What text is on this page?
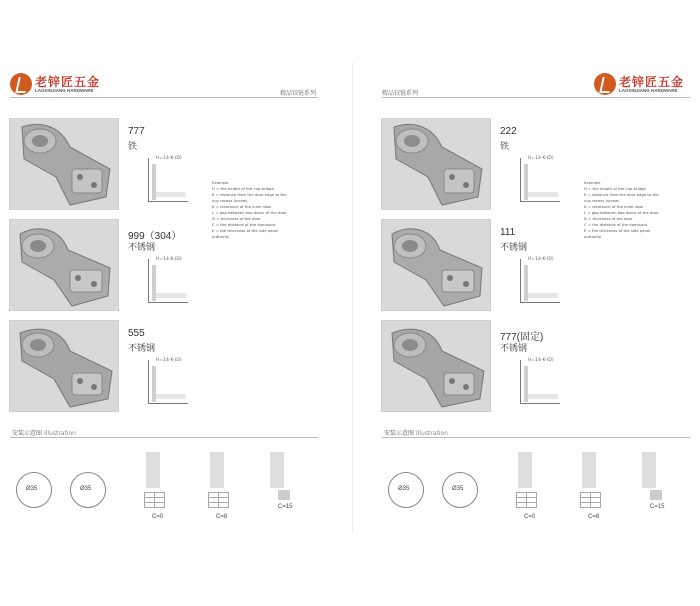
老锌匠五金
LAOXINJIANG HARDWARE	精品铰链系列
777
铁
H=14-K-(D)
999（304）
不锈钢
H=14-K-(D)
555
不锈钢
H=14-K-(D)
Example
Η = the height of the cup bridge
Κ = distance from the door edge to the
cup recess (screw)
K = clearance of the inner door
L = gap between two doors of the door
D = thickness of the door
C = the distance of the dominant
Ε = the thickness of the side panel
authority
安装示意图 Illustration
Ø35	Ø35

C=0

		C=8
C=15
老锌匠五金
LAOXINJIANG HARDWARE
精品铰链系列
222
铁
H=14-K-(D)
111
不锈钢
H=14-K-(D)
777(固定)
不锈钢
H=14-K-(D)
Example
Η = the height of the cup bridge
Κ = distance from the door edge to the
cup recess (screw)
K = clearance of the inner door
L = gap between two doors of the door
D = thickness of the door
C = the distance of the dominant
Ε = the thickness of the side panel
authority
安装示意图 Illustration
Ø35	Ø35

C=0

		C=8
C=15
